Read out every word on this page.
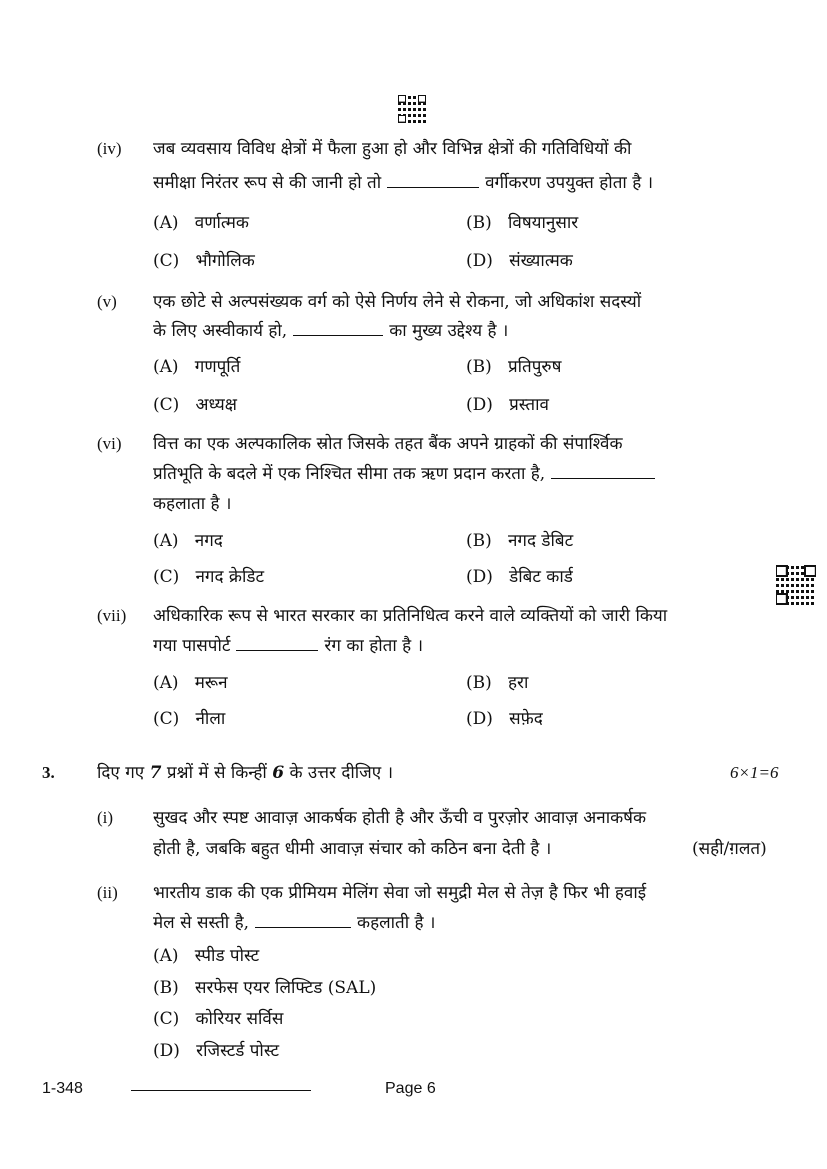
(iv) जब व्यवसाय विविध क्षेत्रों में फैला हुआ हो और विभिन्न क्षेत्रों की गतिविधियों की
समीक्षा निरंतर रूप से की जानी हो तो	वर्गीकरण उपयुक्त होता है ।
(A) वर्णात्मक	(B) विषयानुसार
(C) भौगोलिक	(D) संख्यात्मक
(v) एक छोटे से अल्पसंख्यक वर्ग को ऐसे निर्णय लेने से रोकना, जो अधिकांश सदस्यों
के लिए अस्वीकार्य हो,	का मुख्य उद्देश्य है ।
(A) गणपूर्ति	(B) प्रतिपुरुष
(C) अध्यक्ष	(D) प्रस्ताव
(vi) वित्त का एक अल्पकालिक स्रोत जिसके तहत बैंक अपने ग्राहकों की संपार्श्विक
प्रतिभूति के बदले में एक निश्चित सीमा तक ऋण प्रदान करता है,
कहलाता है ।
(A) नगद	(B) नगद डेबिट
(C) नगद क्रेडिट	(D) डेबिट कार्ड
(vii) अधिकारिक रूप से भारत सरकार का प्रतिनिधित्व करने वाले व्यक्तियों को जारी किया
गया पासपोर्ट	रंग का होता है ।
(A) मरून	(B) हरा
(C) नीला	(D) सफ़ेद
3. दिए गए 7 प्रश्नों में से किन्हीं 6 के उत्तर दीजिए ।	6×1=6
(i) सुखद और स्पष्ट आवाज़ आकर्षक होती है और ऊँची व पुरज़ोर आवाज़ अनाकर्षक
होती है, जबकि बहुत धीमी आवाज़ संचार को कठिन बना देती है ।	(सही/ग़लत)
(ii) भारतीय डाक की एक प्रीमियम मेलिंग सेवा जो समुद्री मेल से तेज़ है फिर भी हवाई
मेल से सस्ती है,	कहलाती है ।
(A) स्पीड पोस्ट
(B) सरफेस एयर लिफ्टिड (SAL)
(C) कोरियर सर्विस
(D) रजिस्टर्ड पोस्ट
1-348	Page 6
